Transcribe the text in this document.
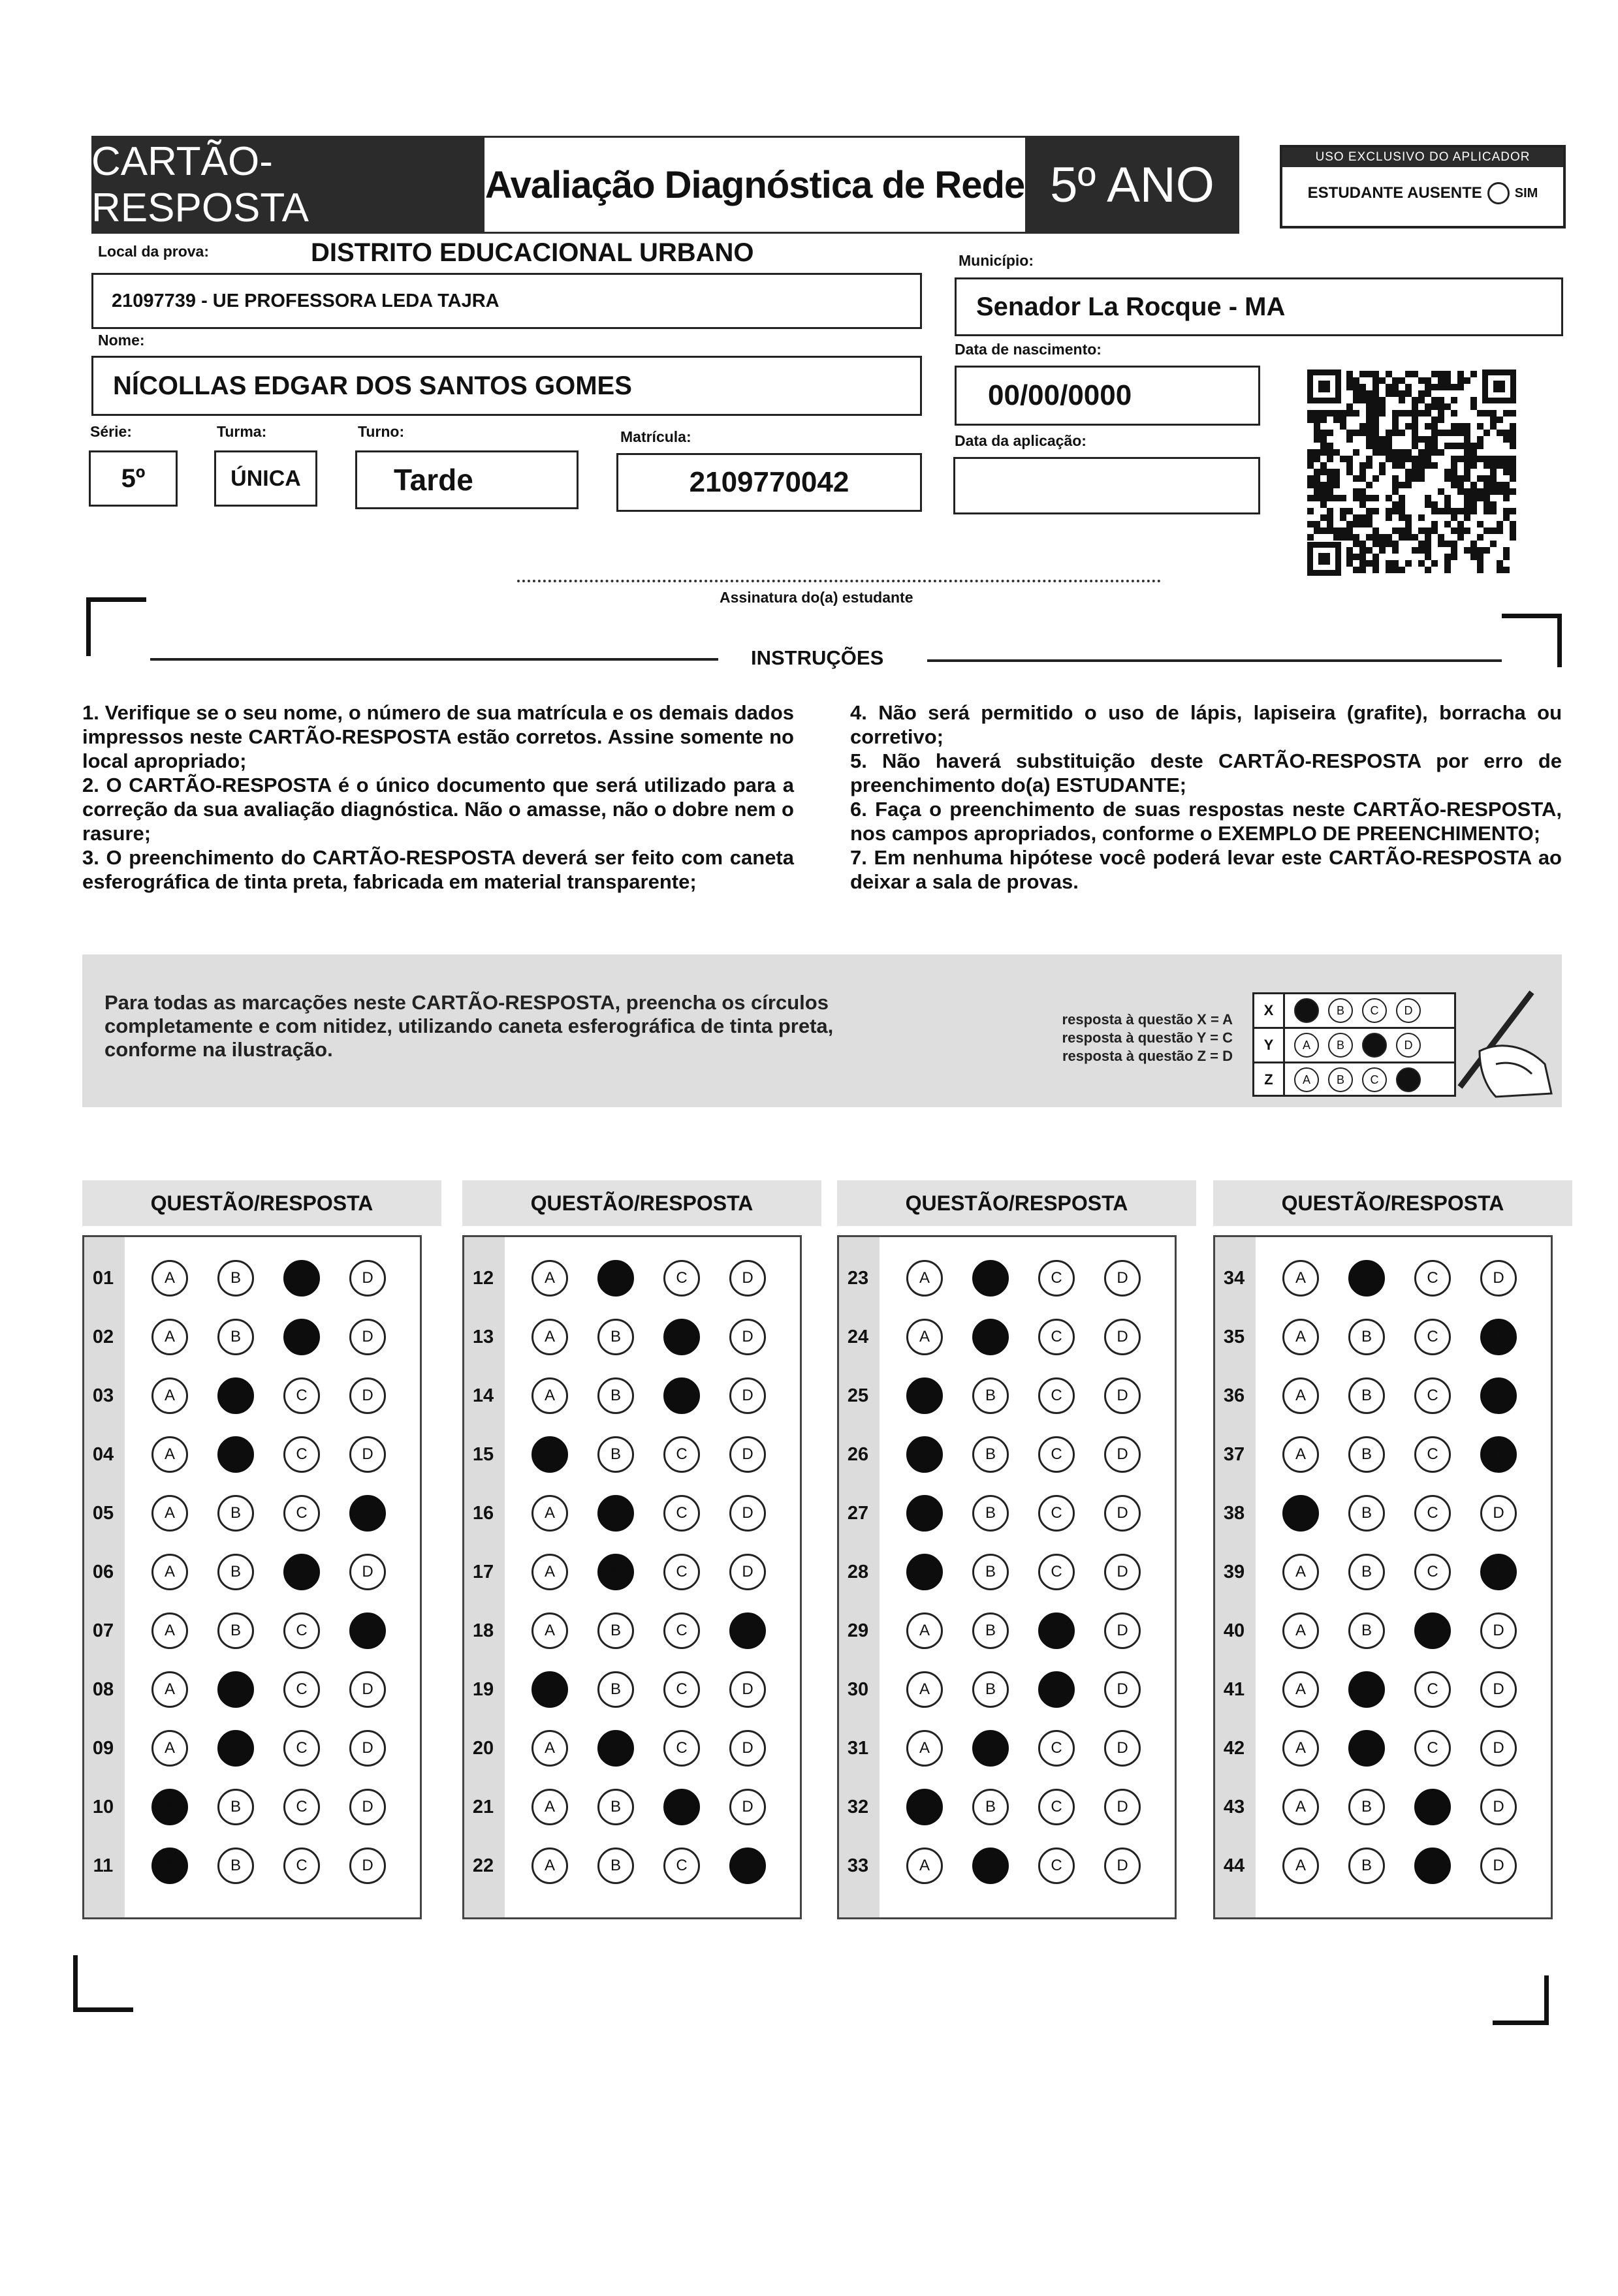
CARTÃO-RESPOSTA
Avaliação Diagnóstica de Rede 5º ANO	USO EXCLUSIVO DO APLICADOR
ESTUDANTE AUSENTE	SIM
Local da prova:	DISTRITO EDUCACIONAL URBANO
21097739 - UE PROFESSORA LEDA TAJRA
Município:
Senador La Rocque - MA
Nome:
NÍCOLLAS EDGAR DOS SANTOS GOMES
Data de nascimento:
00/00/0000
Série:
5º
Turma:
ÚNICA
Turno:
Tarde
Matrícula:
2109770042
Data da aplicação:
Assinatura do(a) estudante
INSTRUÇÕES

1. Verifique se o seu nome, o número de sua matrícula e os demais dados impressos neste CARTÃO-RESPOSTA estão corretos. Assine somente no local apropriado;

2. O CARTÃO-RESPOSTA é o único documento que será utilizado para a correção da sua avaliação diagnóstica. Não o amasse, não o dobre nem o rasure;

3. O preenchimento do CARTÃO-RESPOSTA deverá ser feito com caneta esferográfica de tinta preta, fabricada em material transparente;

4. Não será permitido o uso de lápis, lapiseira (grafite), borracha ou corretivo;

5. Não haverá substituição deste CARTÃO-RESPOSTA por erro de preenchimento do(a) ESTUDANTE;

6. Faça o preenchimento de suas respostas neste CARTÃO-RESPOSTA, nos campos apropriados, conforme o EXEMPLO DE PREENCHIMENTO;

7. Em nenhuma hipótese você poderá levar este CARTÃO-RESPOSTA ao deixar a sala de provas.

Para todas as marcações neste CARTÃO-RESPOSTA, preencha os círculos completamente e com nitidez, utilizando caneta esferográfica de tinta preta, conforme na ilustração.
resposta à questão X = A
resposta à questão Y = C
resposta à questão Z = D
X	B	C	D
Y	A	B	D
Z	A	B	C
QUESTÃO/RESPOSTA
01	A	B	C	D
02	A	B	C	D
03	A	B	C	D
04	A	B	C	D
05	A	B	C	D
06	A	B	C	D
07	A	B	C	D
08	A	B	C	D
09	A	B	C	D
10	A	B	C	D
11	A	B	C	D
QUESTÃO/RESPOSTA
12	A	B	C	D
13	A	B	C	D
14	A	B	C	D
15	A	B	C	D
16	A	B	C	D
17	A	B	C	D
18	A	B	C	D
19	A	B	C	D
20	A	B	C	D
21	A	B	C	D
22	A	B	C	D
QUESTÃO/RESPOSTA
23	A	B	C	D
24	A	B	C	D
25	A	B	C	D
26	A	B	C	D
27	A	B	C	D
28	A	B	C	D
29	A	B	C	D
30	A	B	C	D
31	A	B	C	D
32	A	B	C	D
33	A	B	C	D
QUESTÃO/RESPOSTA
34	A	B	C	D
35	A	B	C	D
36	A	B	C	D
37	A	B	C	D
38	A	B	C	D
39	A	B	C	D
40	A	B	C	D
41	A	B	C	D
42	A	B	C	D
43	A	B	C	D
44	A	B	C	D
